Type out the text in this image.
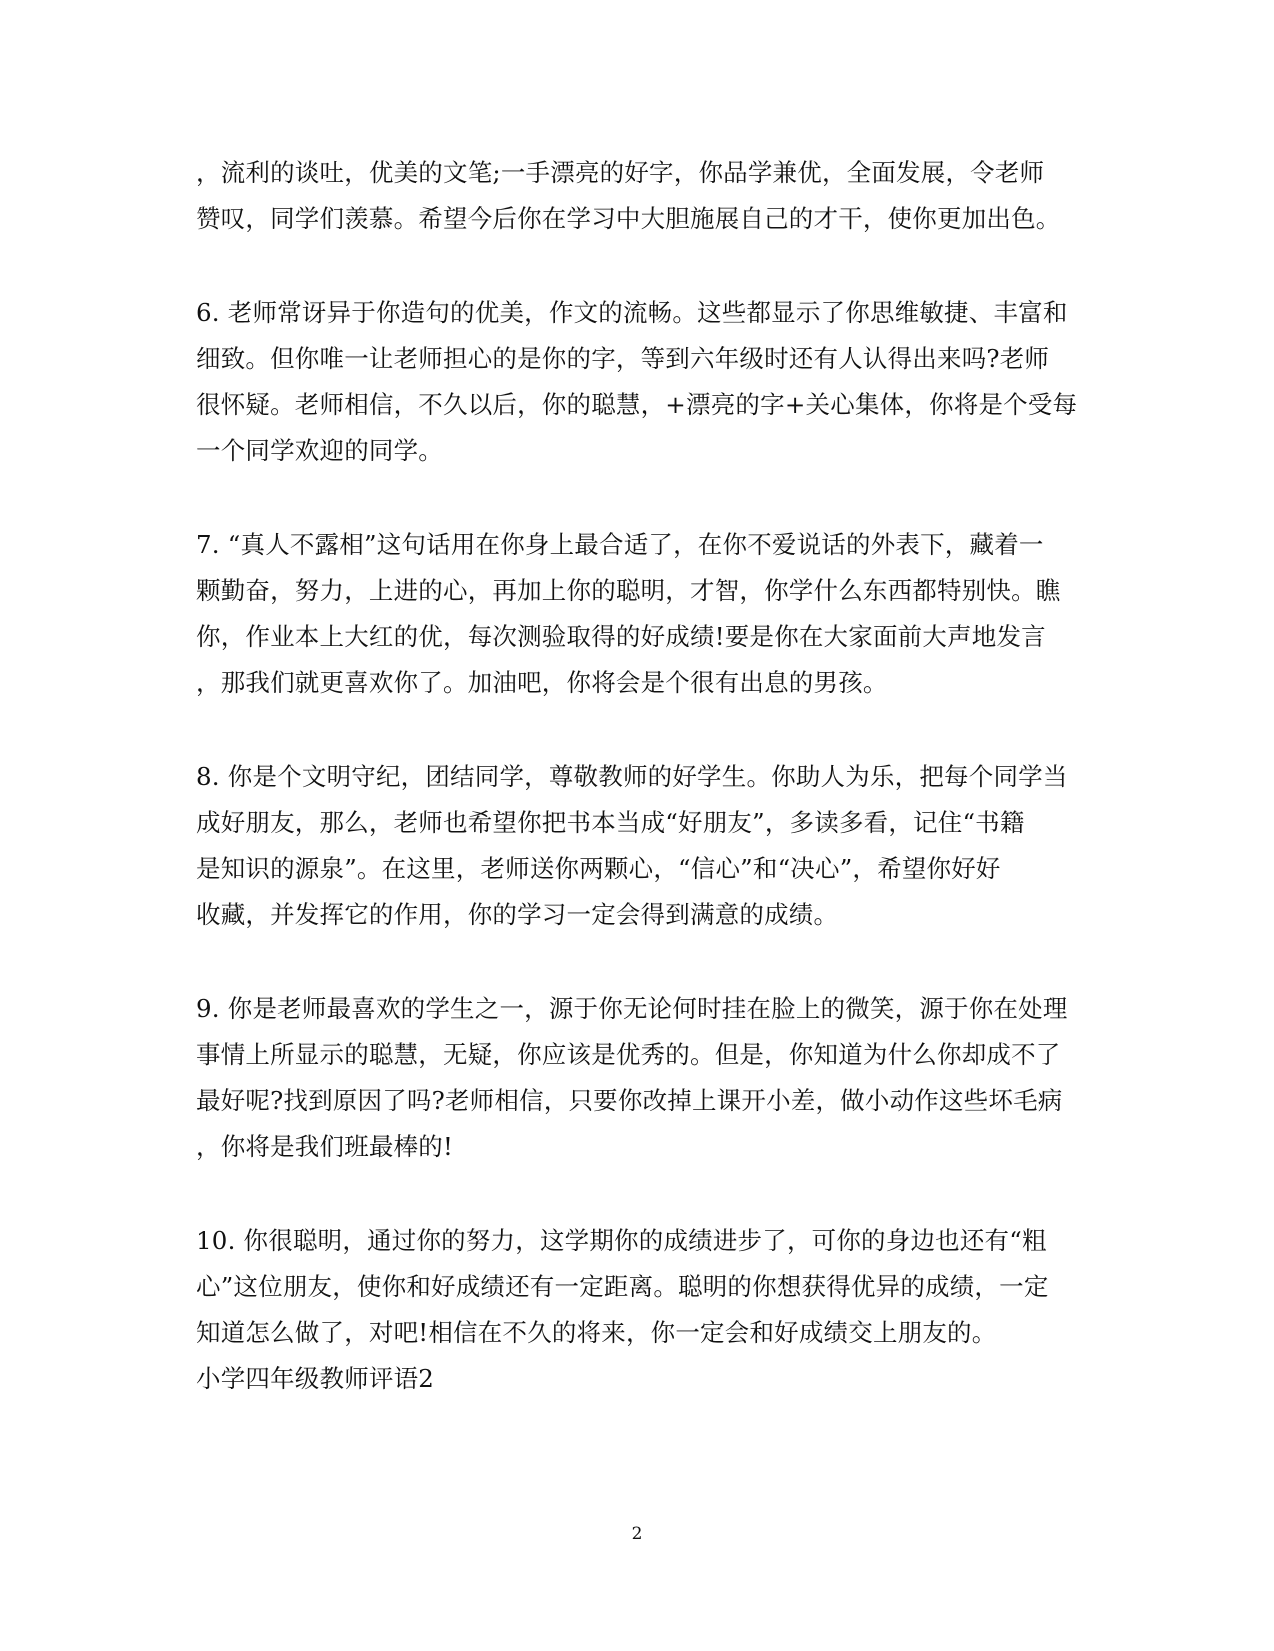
，流利的谈吐，优美的文笔;一手漂亮的好字，你品学兼优，全面发展，令老师
赞叹，同学们羡慕。希望今后你在学习中大胆施展自己的才干，使你更加出色。
6. 老师常讶异于你造句的优美，作文的流畅。这些都显示了你思维敏捷、丰富和
细致。但你唯一让老师担心的是你的字，等到六年级时还有人认得出来吗?老师
很怀疑。老师相信，不久以后，你的聪慧，+漂亮的字+关心集体，你将是个受每
一个同学欢迎的同学。
7. “真人不露相”这句话用在你身上最合适了，在你不爱说话的外表下，藏着一
颗勤奋，努力，上进的心，再加上你的聪明，才智，你学什么东西都特别快。瞧
你，作业本上大红的优，每次测验取得的好成绩!要是你在大家面前大声地发言
，那我们就更喜欢你了。加油吧，你将会是个很有出息的男孩。
8. 你是个文明守纪，团结同学，尊敬教师的好学生。你助人为乐，把每个同学当
成好朋友，那么，老师也希望你把书本当成“好朋友”，多读多看，记住“书籍
是知识的源泉”。在这里，老师送你两颗心，“信心”和“决心”，希望你好好
收藏，并发挥它的作用，你的学习一定会得到满意的成绩。
9. 你是老师最喜欢的学生之一，源于你无论何时挂在脸上的微笑，源于你在处理
事情上所显示的聪慧，无疑，你应该是优秀的。但是，你知道为什么你却成不了
最好呢?找到原因了吗?老师相信，只要你改掉上课开小差，做小动作这些坏毛病
，你将是我们班最棒的!
10. 你很聪明，通过你的努力，这学期你的成绩进步了，可你的身边也还有“粗
心”这位朋友，使你和好成绩还有一定距离。聪明的你想获得优异的成绩，一定
知道怎么做了，对吧!相信在不久的将来，你一定会和好成绩交上朋友的。
小学四年级教师评语2
2
